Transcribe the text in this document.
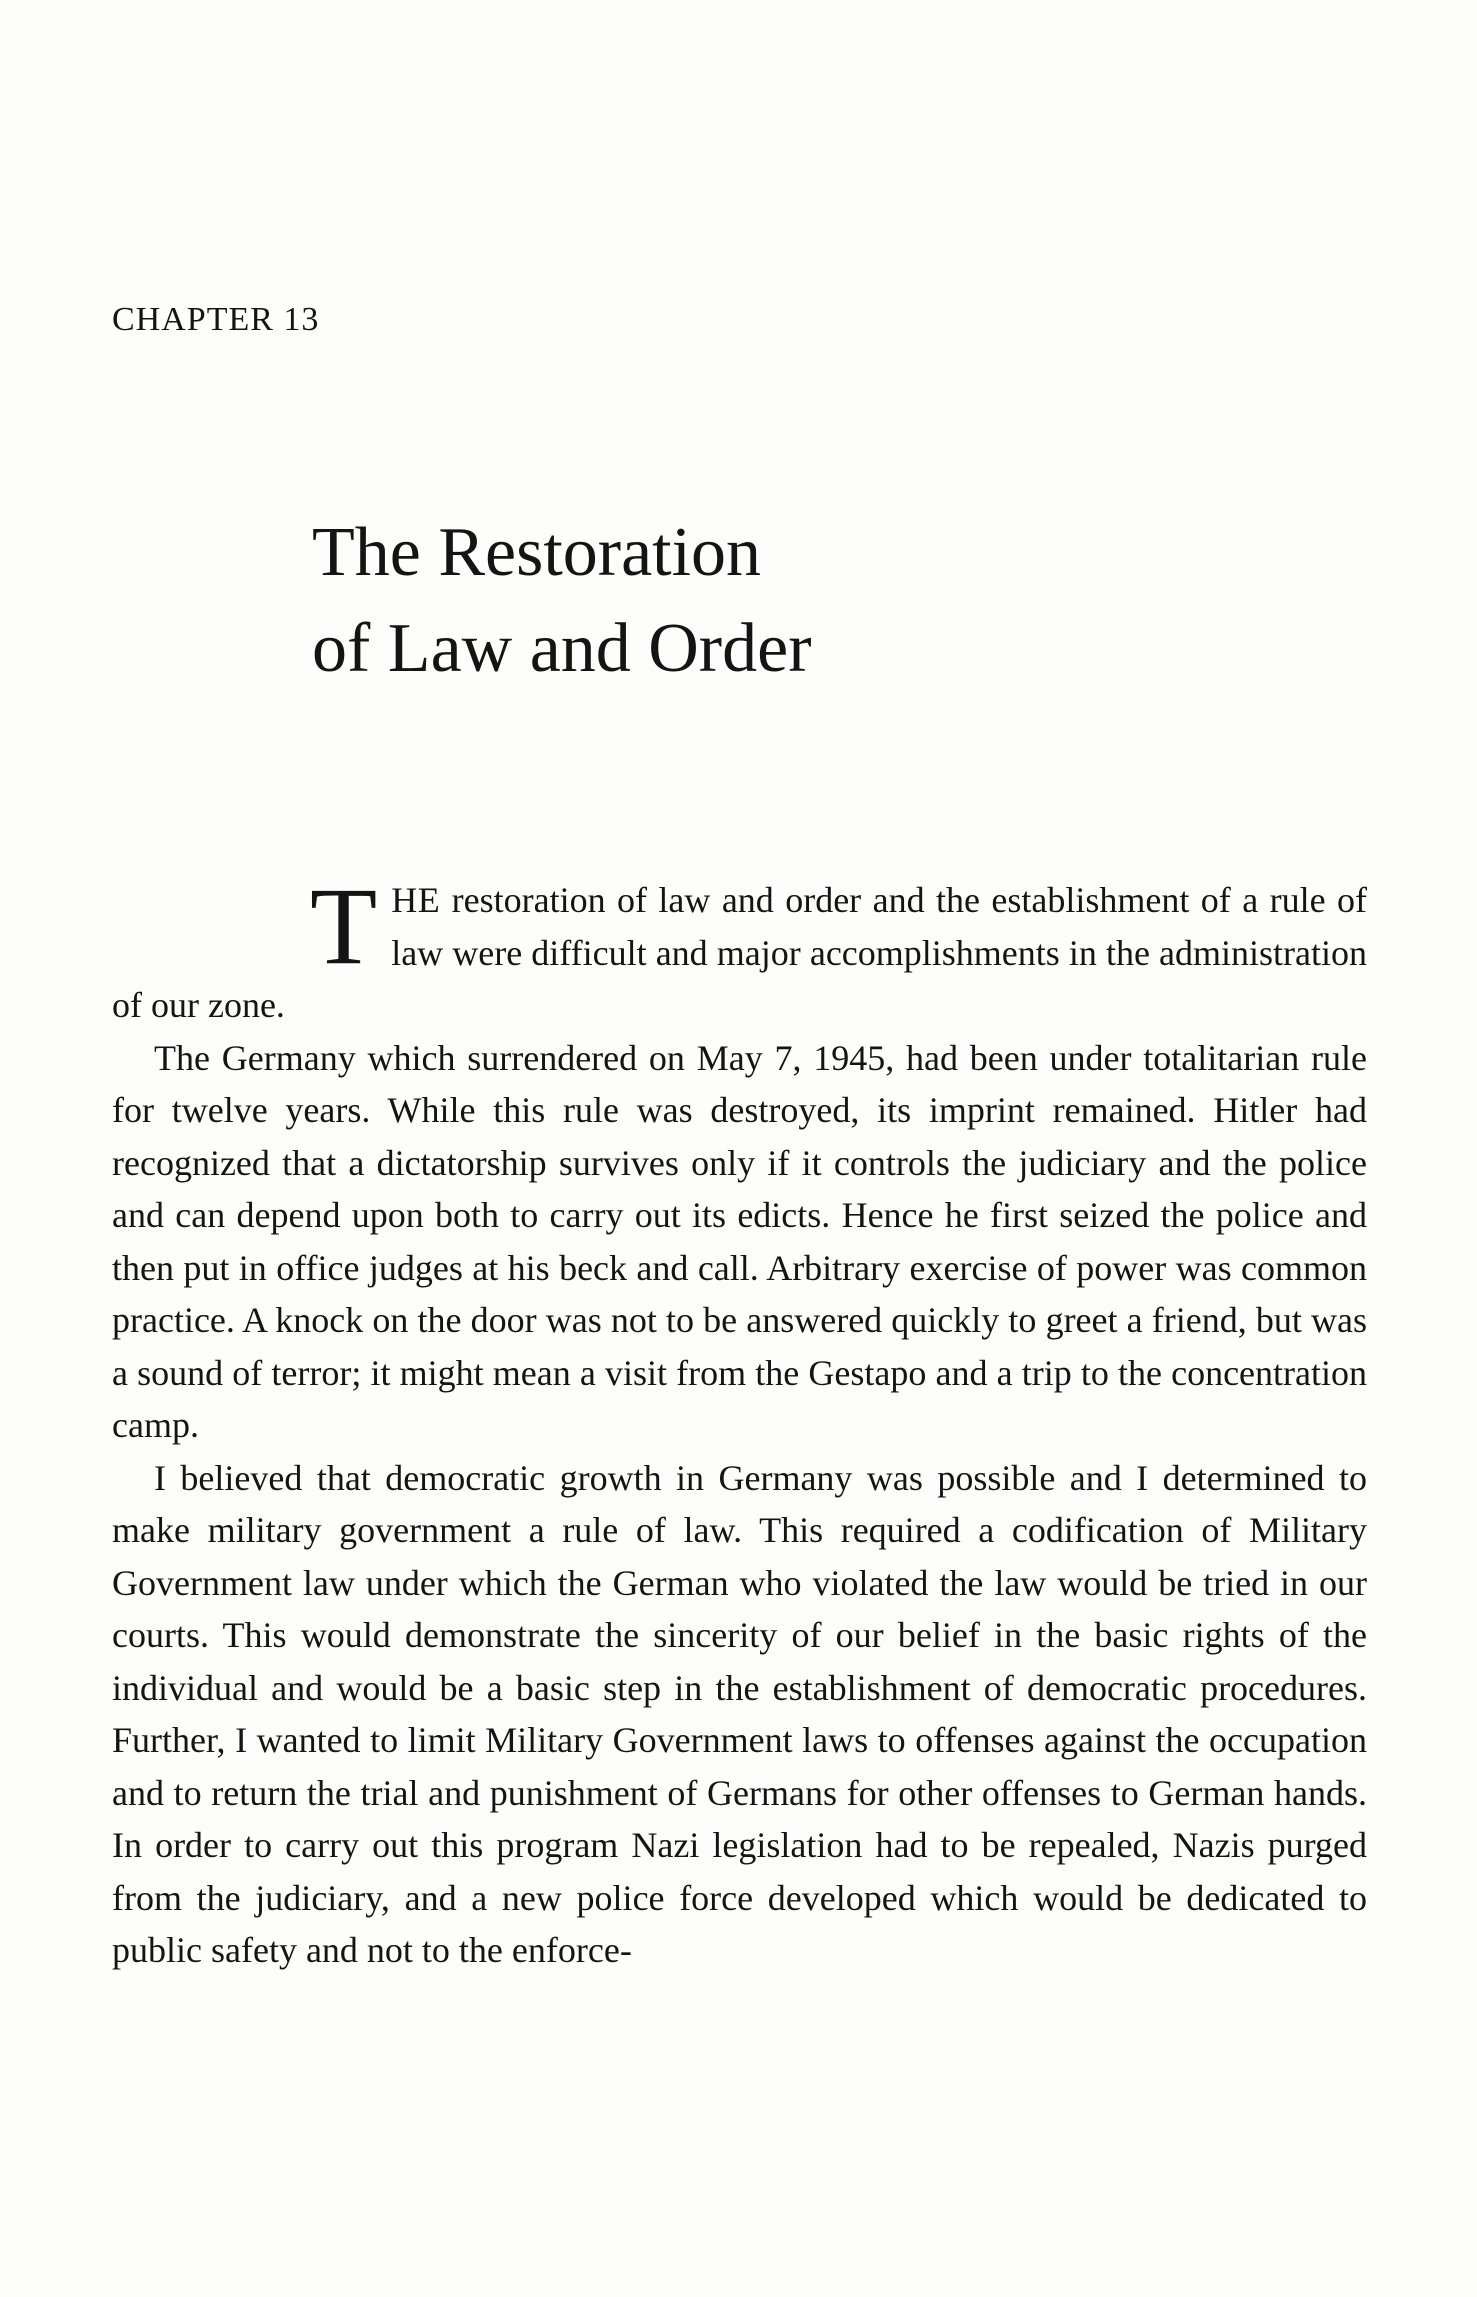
CHAPTER 13
The Restoration
of Law and Order

THE restoration of law and order and the establishment of a rule of law were difficult and major accomplishments in the administration of our zone.

The Germany which surrendered on May 7, 1945, had been under totalitarian rule for twelve years. While this rule was destroyed, its imprint remained. Hitler had recognized that a dictatorship survives only if it controls the judiciary and the police and can depend upon both to carry out its edicts. Hence he first seized the police and then put in office judges at his beck and call. Arbitrary exercise of power was common practice. A knock on the door was not to be answered quickly to greet a friend, but was a sound of terror; it might mean a visit from the Gestapo and a trip to the concentration camp.

I believed that democratic growth in Germany was possible and I determined to make military government a rule of law. This required a codification of Military Government law under which the German who violated the law would be tried in our courts. This would demonstrate the sincerity of our belief in the basic rights of the individual and would be a basic step in the establishment of democratic procedures. Further, I wanted to limit Military Government laws to offenses against the occupation and to return the trial and punishment of Germans for other offenses to German hands. In order to carry out this program Nazi legislation had to be repealed, Nazis purged from the judiciary, and a new police force developed which would be dedicated to public safety and not to the enforce-
